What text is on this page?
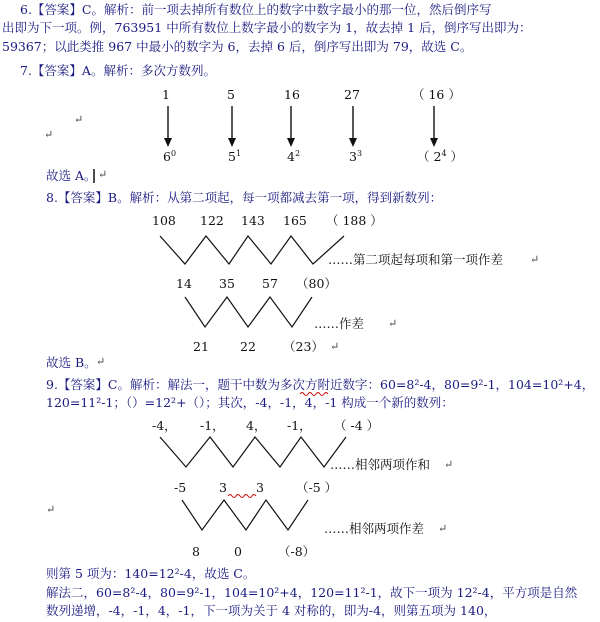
6.【答案】C。解析：前一项去掉所有数位上的数字中数字最小的那一位，然后倒序写
出即为下一项。例，763951 中所有数位上数字最小的数字为 1，故去掉 1 后，倒序写出即为：
59367；以此类推 967 中最小的数字为 6，去掉 6 后，倒序写出即为 79，故选 C。
7.【答案】A。解析：多次方数列。
1	5	16	27	（ 16 ）
↵
↵
$6^0$	$5^1$	$4^2$	$3^3$	（ $2^4$ ）
故选 A。 ↵
8.【答案】B。解析：从第二项起，每一项都减去第一项，得到新数列：
108 122 143 165 （ 188 ）
……第二项起每项和第一项作差 ↵
14 35 57 （80）
……作差 ↵
21 22 （23） ↵
故选 B。 ↵
9.【答案】C。解析：解法一，题干中数为多次方附近数字：60=8²-4，80=9²-1，104=10²+4，
120=11²-1；（）=12²+（）；其次，-4，-1，4，-1 构成一个新的数列：
-4， -1， 4， -1， （ -4 ）
……相邻两项作和 ↵
-5	3 3	（-5 ）
↵
……相邻两项作差 ↵
8	0	（-8）
则第 5 项为：140=12²-4，故选 C。
解法二，60=8²-4，80=9²-1，104=10²+4，120=11²-1，故下一项为 12²-4，平方项是自然
数列递增，-4，-1，4，-1，下一项为关于 4 对称的，即为-4，则第五项为 140，
